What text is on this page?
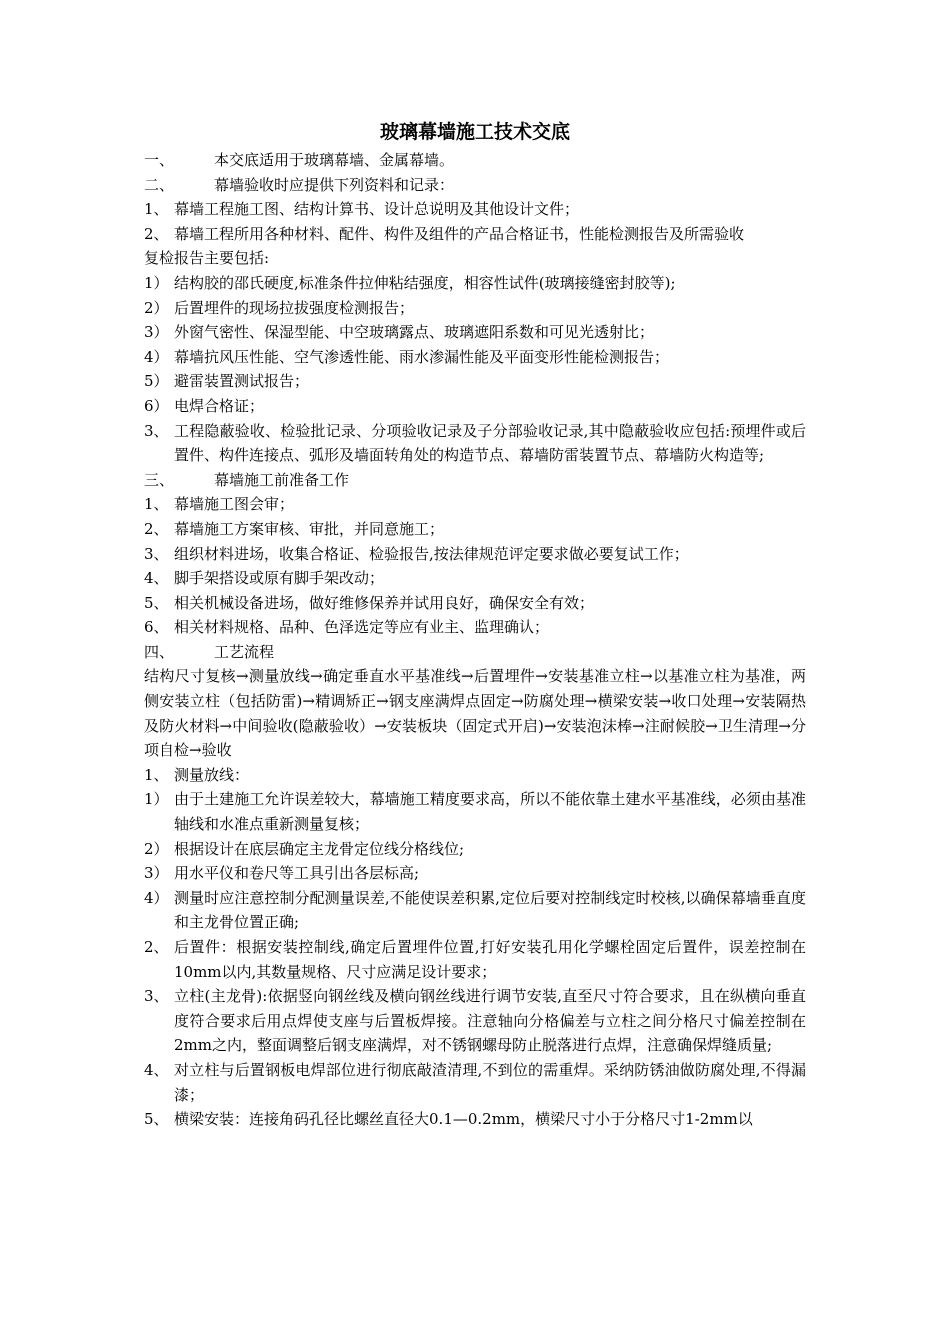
玻璃幕墙施工技术交底
一、	本交底适用于玻璃幕墙、金属幕墙。
二、	幕墙验收时应提供下列资料和记录：
1、 幕墙工程施工图、结构计算书、设计总说明及其他设计文件；
2、 幕墙工程所用各种材料、配件、构件及组件的产品合格证书，性能检测报告及所需验收
复检报告主要包括:
1） 结构胶的邵氏硬度,标准条件拉伸粘结强度，相容性试件(玻璃接缝密封胶等);
2） 后置埋件的现场拉拔强度检测报告；
3） 外窗气密性、保湿型能、中空玻璃露点、玻璃遮阳系数和可见光透射比；
4） 幕墙抗风压性能、空气渗透性能、雨水渗漏性能及平面变形性能检测报告；
5） 避雷装置测试报告；
6） 电焊合格证；
3、 工程隐蔽验收、检验批记录、分项验收记录及子分部验收记录,其中隐蔽验收应包括:预埋件或后置件、构件连接点、弧形及墙面转角处的构造节点、幕墙防雷装置节点、幕墙防火构造等;
三、	幕墙施工前准备工作
1、 幕墙施工图会审；
2、 幕墙施工方案审核、审批，并同意施工；
3、 组织材料进场，收集合格证、检验报告,按法律规范评定要求做必要复试工作；
4、 脚手架搭设或原有脚手架改动；
5、 相关机械设备进场，做好维修保养并试用良好，确保安全有效；
6、 相关材料规格、品种、色泽选定等应有业主、监理确认；
四、	工艺流程
结构尺寸复核→测量放线→确定垂直水平基准线→后置埋件→安装基准立柱→以基准立柱为基准，两侧安装立柱（包括防雷)→精调矫正→钢支座满焊点固定→防腐处理→横梁安装→收口处理→安装隔热及防火材料→中间验收(隐蔽验收）→安装板块（固定式开启)→安装泡沫棒→注耐候胶→卫生清理→分项自检→验收
1、 测量放线：
1） 由于土建施工允许误差较大，幕墙施工精度要求高，所以不能依靠土建水平基准线，必须由基准轴线和水准点重新测量复核；
2） 根据设计在底层确定主龙骨定位线分格线位;
3） 用水平仪和卷尺等工具引出各层标高;
4） 测量时应注意控制分配测量误差,不能使误差积累,定位后要对控制线定时校核,以确保幕墙垂直度和主龙骨位置正确;
2、 后置件：根据安装控制线,确定后置埋件位置,打好安装孔用化学螺栓固定后置件，误差控制在10mm以内,其数量规格、尺寸应满足设计要求；
3、 立柱(主龙骨):依据竖向钢丝线及横向钢丝线进行调节安装,直至尺寸符合要求，且在纵横向垂直度符合要求后用点焊使支座与后置板焊接。注意轴向分格偏差与立柱之间分格尺寸偏差控制在2mm之内，整面调整后钢支座满焊，对不锈钢螺母防止脱落进行点焊，注意确保焊缝质量;
4、 对立柱与后置钢板电焊部位进行彻底敲渣清理,不到位的需重焊。采纳防锈油做防腐处理,不得漏漆；
5、 横梁安装：连接角码孔径比螺丝直径大0.1—0.2mm，横梁尺寸小于分格尺寸1-2mm以
